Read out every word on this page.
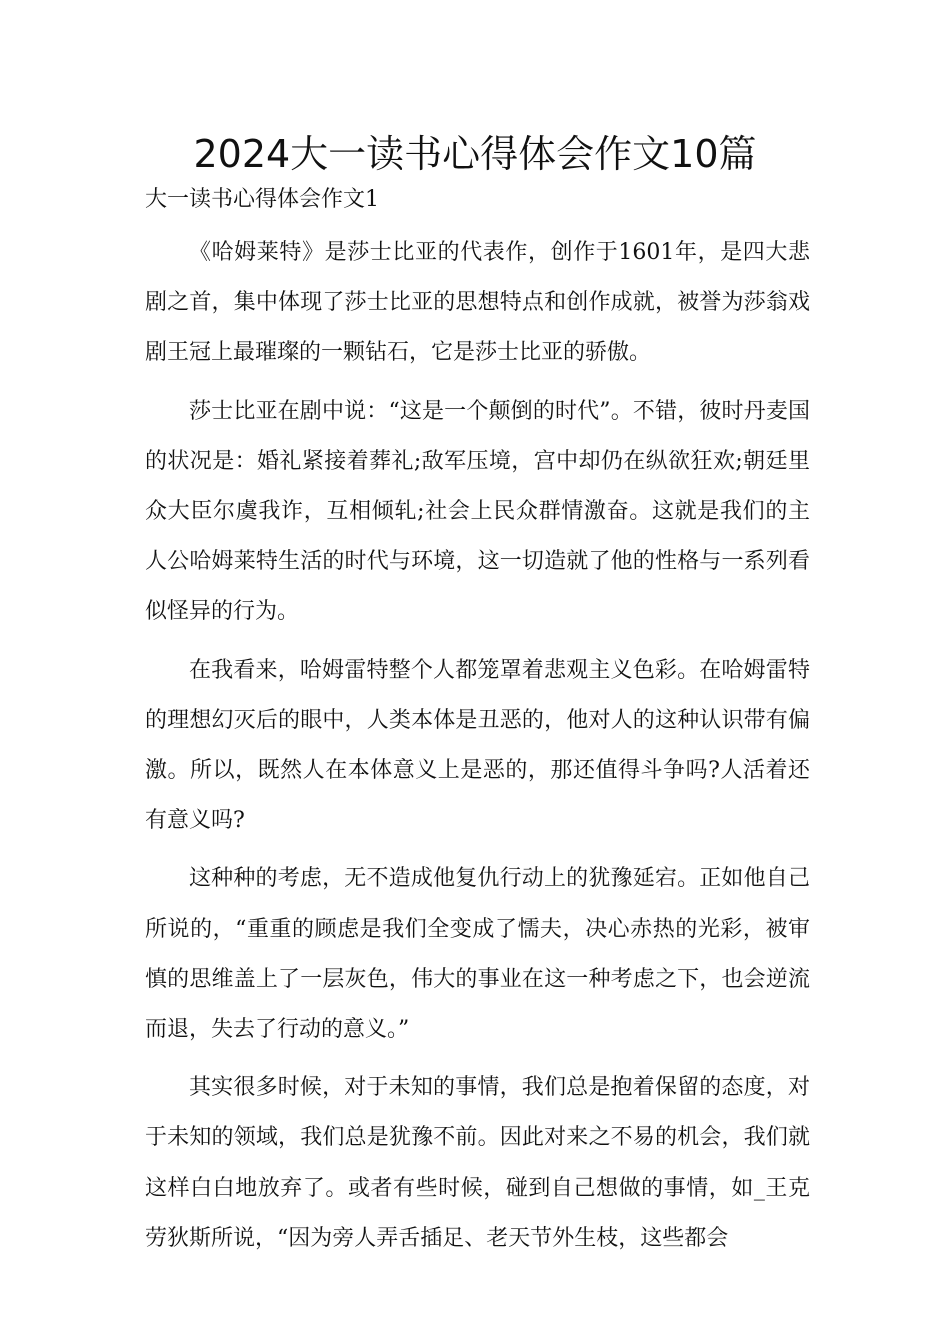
2024大一读书心得体会作文10篇
大一读书心得体会作文1

《哈姆莱特》是莎士比亚的代表作，创作于1601年，是四大悲剧之首，集中体现了莎士比亚的思想特点和创作成就，被誉为莎翁戏剧王冠上最璀璨的一颗钻石，它是莎士比亚的骄傲。

莎士比亚在剧中说：“这是一个颠倒的时代”。不错，彼时丹麦国的状况是：婚礼紧接着葬礼;敌军压境，宫中却仍在纵欲狂欢;朝廷里众大臣尔虞我诈，互相倾轧;社会上民众群情激奋。这就是我们的主人公哈姆莱特生活的时代与环境，这一切造就了他的性格与一系列看似怪异的行为。

在我看来，哈姆雷特整个人都笼罩着悲观主义色彩。在哈姆雷特的理想幻灭后的眼中，人类本体是丑恶的，他对人的这种认识带有偏激。所以，既然人在本体意义上是恶的，那还值得斗争吗?人活着还有意义吗?

这种种的考虑，无不造成他复仇行动上的犹豫延宕。正如他自己所说的，“重重的顾虑是我们全变成了懦夫，决心赤热的光彩，被审慎的思维盖上了一层灰色，伟大的事业在这一种考虑之下，也会逆流而退，失去了行动的意义。”

其实很多时候，对于未知的事情，我们总是抱着保留的态度，对于未知的领域，我们总是犹豫不前。因此对来之不易的机会，我们就这样白白地放弃了。或者有些时候，碰到自己想做的事情，如_王克劳狄斯所说，“因为旁人弄舌插足、老天节外生枝，这些都会
